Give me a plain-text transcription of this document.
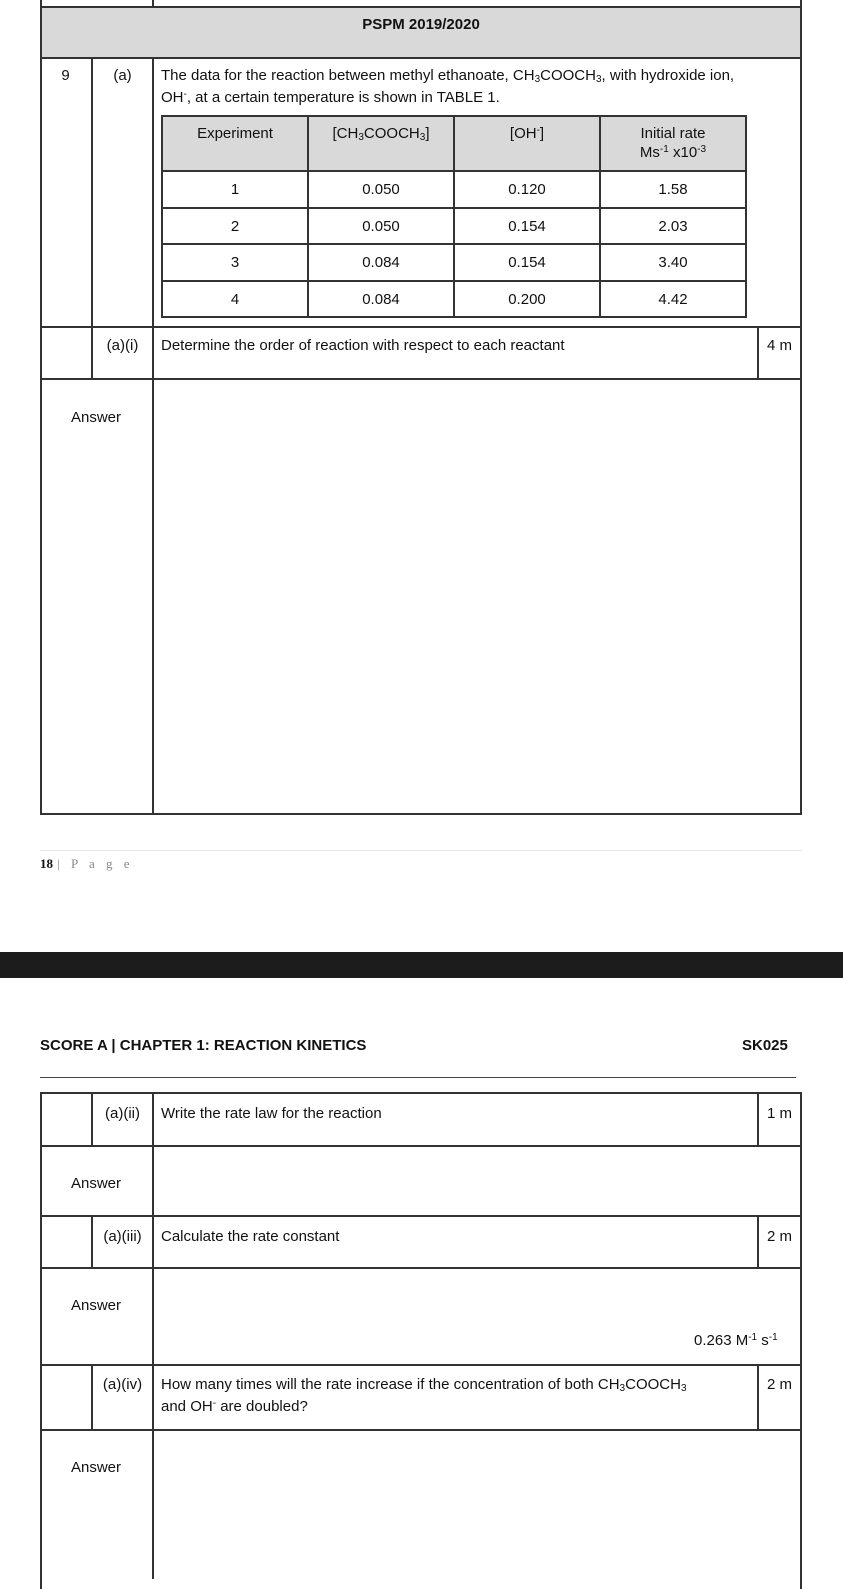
PSPM 2019/2020
9	(a)	The data for the reaction between methyl ethanoate, $CH_3COOCH_3$, with hydroxide ion,
OH-, at a certain temperature is shown in TABLE 1.
Experiment	$[CH_3COOCH_3]$	[OH-]	Initial rate
$Ms^{-1}$ $x10^{-3}$
1	0.050	0.120	1.58
2	0.050	0.154	2.03
3	0.084	0.154	3.40
4	0.084	0.200	4.42
(a)(i)	Determine the order of reaction with respect to each reactant	4 m
Answer
18 | P a g e
SCORE A | CHAPTER 1: REACTION KINETICS	SK025
(a)(ii)	Write the rate law for the reaction	1 m
Answer
(a)(iii)	Calculate the rate constant	2 m
Answer
0.263 $M^{-1}$ $s^{-1}$
(a)(iv)	How many times will the rate increase if the concentration of both $CH_3COOCH_3$
and OH- are doubled?
2 m
Answer
